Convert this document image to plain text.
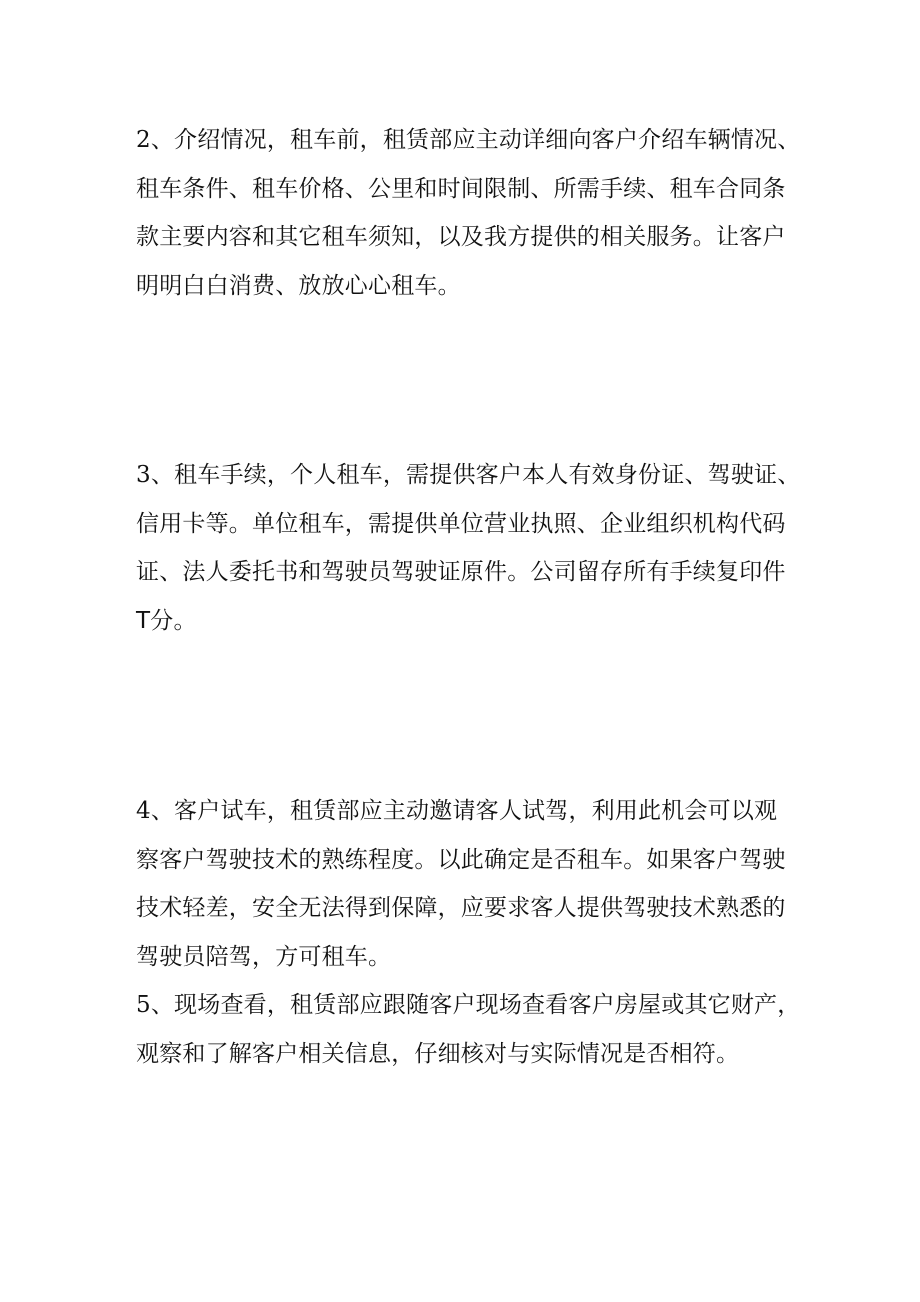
2、介绍情况，租车前，租赁部应主动详细向客户介绍车辆情况、
租车条件、租车价格、公里和时间限制、所需手续、租车合同条
款主要内容和其它租车须知，以及我方提供的相关服务。让客户
明明白白消费、放放心心租车。
3、租车手续，个人租车，需提供客户本人有效身份证、驾驶证、
信用卡等。单位租车，需提供单位营业执照、企业组织机构代码
证、法人委托书和驾驶员驾驶证原件。公司留存所有手续复印件
T分。
4、客户试车，租赁部应主动邀请客人试驾，利用此机会可以观
察客户驾驶技术的熟练程度。以此确定是否租车。如果客户驾驶
技术轻差，安全无法得到保障，应要求客人提供驾驶技术熟悉的
驾驶员陪驾，方可租车。
5、现场查看，租赁部应跟随客户现场查看客户房屋或其它财产，
观察和了解客户相关信息，仔细核对与实际情况是否相符。
